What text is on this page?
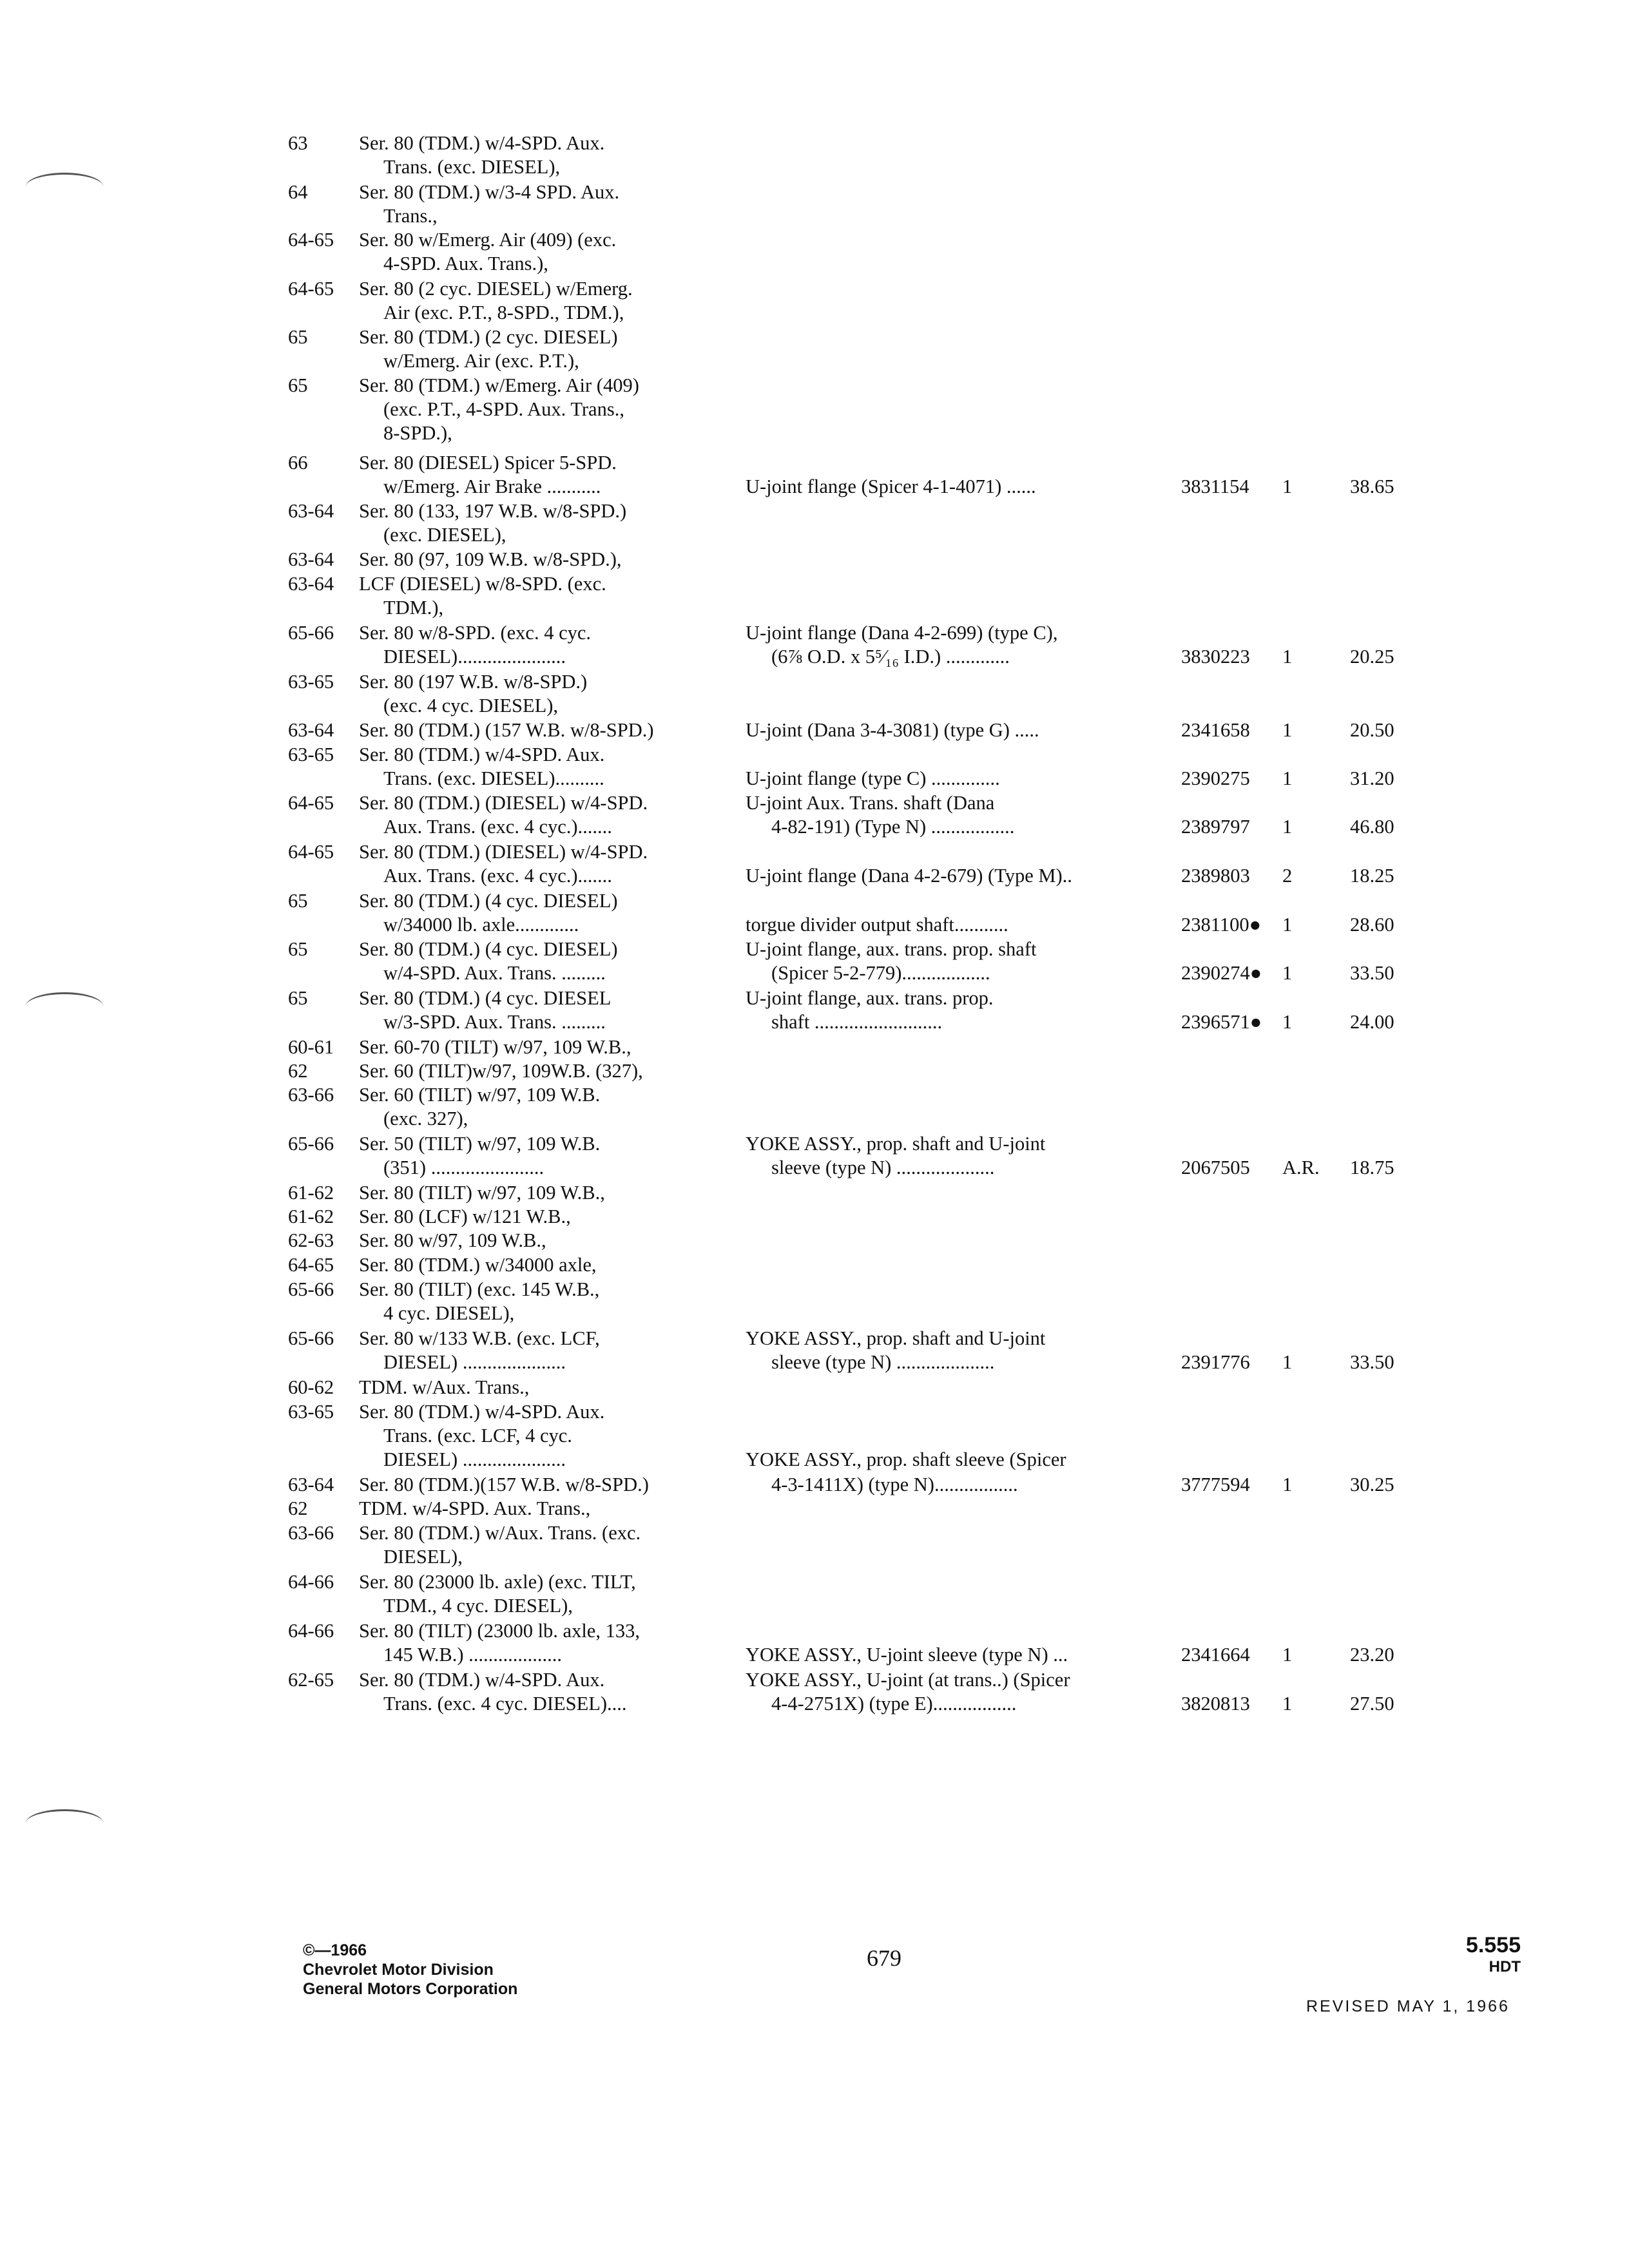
63	Ser. 80 (TDM.) w/4-SPD. Aux.
Trans. (exc. DIESEL),
64	Ser. 80 (TDM.) w/3-4 SPD. Aux.
Trans.,
64-65 Ser. 80 w/Emerg. Air (409) (exc.
4-SPD. Aux. Trans.),
64-65 Ser. 80 (2 cyc. DIESEL) w/Emerg.
Air (exc. P.T., 8-SPD., TDM.),
65	Ser. 80 (TDM.) (2 cyc. DIESEL)
w/Emerg. Air (exc. P.T.),
65	Ser. 80 (TDM.) w/Emerg. Air (409)
(exc. P.T., 4-SPD. Aux. Trans.,
8-SPD.),
66	Ser. 80 (DIESEL) Spicer 5-SPD.
w/Emerg. Air Brake ...........	U-joint flange (Spicer 4-1-4071) ......	3831154 1	38.65
63-64 Ser. 80 (133, 197 W.B. w/8-SPD.)
(exc. DIESEL),
63-64 Ser. 80 (97, 109 W.B. w/8-SPD.),
63-64 LCF (DIESEL) w/8-SPD. (exc.
TDM.),
65-66 Ser. 80 w/8-SPD. (exc. 4 cyc.	U-joint flange (Dana 4-2-699) (type C),
DIESEL)......................	(6⅞ O.D. x 5⁵⁄₁₆ I.D.) .............	3830223 1	20.25
63-65 Ser. 80 (197 W.B. w/8-SPD.)
(exc. 4 cyc. DIESEL),
63-64 Ser. 80 (TDM.) (157 W.B. w/8-SPD.)	U-joint (Dana 3-4-3081) (type G) .....	2341658 1	20.50
63-65 Ser. 80 (TDM.) w/4-SPD. Aux.
Trans. (exc. DIESEL)..........	U-joint flange (type C) ..............	2390275 1	31.20
64-65 Ser. 80 (TDM.) (DIESEL) w/4-SPD.	U-joint Aux. Trans. shaft (Dana
Aux. Trans. (exc. 4 cyc.).......	4-82-191) (Type N) .................	2389797 1	46.80
64-65 Ser. 80 (TDM.) (DIESEL) w/4-SPD.
Aux. Trans. (exc. 4 cyc.).......	U-joint flange (Dana 4-2-679) (Type M)..	2389803 2	18.25
65	Ser. 80 (TDM.) (4 cyc. DIESEL)
w/34000 lb. axle.............	torgue divider output shaft...........	2381100● 1	28.60
65	Ser. 80 (TDM.) (4 cyc. DIESEL)	U-joint flange, aux. trans. prop. shaft
w/4-SPD. Aux. Trans. .........	(Spicer 5-2-779)..................	2390274● 1	33.50
65	Ser. 80 (TDM.) (4 cyc. DIESEL	U-joint flange, aux. trans. prop.
w/3-SPD. Aux. Trans. .........	shaft ..........................	2396571● 1	24.00
60-61 Ser. 60-70 (TILT) w/97, 109 W.B.,
62	Ser. 60 (TILT)w/97, 109W.B. (327),
63-66 Ser. 60 (TILT) w/97, 109 W.B.
(exc. 327),
65-66 Ser. 50 (TILT) w/97, 109 W.B.	YOKE ASSY., prop. shaft and U-joint
(351) .......................	sleeve (type N) ....................	2067505 A.R. 18.75
61-62 Ser. 80 (TILT) w/97, 109 W.B.,
61-62 Ser. 80 (LCF) w/121 W.B.,
62-63 Ser. 80 w/97, 109 W.B.,
64-65 Ser. 80 (TDM.) w/34000 axle,
65-66 Ser. 80 (TILT) (exc. 145 W.B.,
4 cyc. DIESEL),
65-66 Ser. 80 w/133 W.B. (exc. LCF,	YOKE ASSY., prop. shaft and U-joint
DIESEL) .....................	sleeve (type N) ....................	2391776 1	33.50
60-62 TDM. w/Aux. Trans.,
63-65 Ser. 80 (TDM.) w/4-SPD. Aux.
Trans. (exc. LCF, 4 cyc.
DIESEL) .....................	YOKE ASSY., prop. shaft sleeve (Spicer
63-64 Ser. 80 (TDM.)(157 W.B. w/8-SPD.)	4-3-1411X) (type N).................	3777594 1	30.25
62	TDM. w/4-SPD. Aux. Trans.,
63-66 Ser. 80 (TDM.) w/Aux. Trans. (exc.
DIESEL),
64-66 Ser. 80 (23000 lb. axle) (exc. TILT,
TDM., 4 cyc. DIESEL),
64-66 Ser. 80 (TILT) (23000 lb. axle, 133,
145 W.B.) ...................	YOKE ASSY., U-joint sleeve (type N) ...	2341664 1	23.20
62-65 Ser. 80 (TDM.) w/4-SPD. Aux.	YOKE ASSY., U-joint (at trans..) (Spicer
Trans. (exc. 4 cyc. DIESEL)....	4-4-2751X) (type E).................	3820813 1	27.50
©—1966
Chevrolet Motor Division
General Motors Corporation
679	5.555
HDT
REVISED MAY 1, 1966
